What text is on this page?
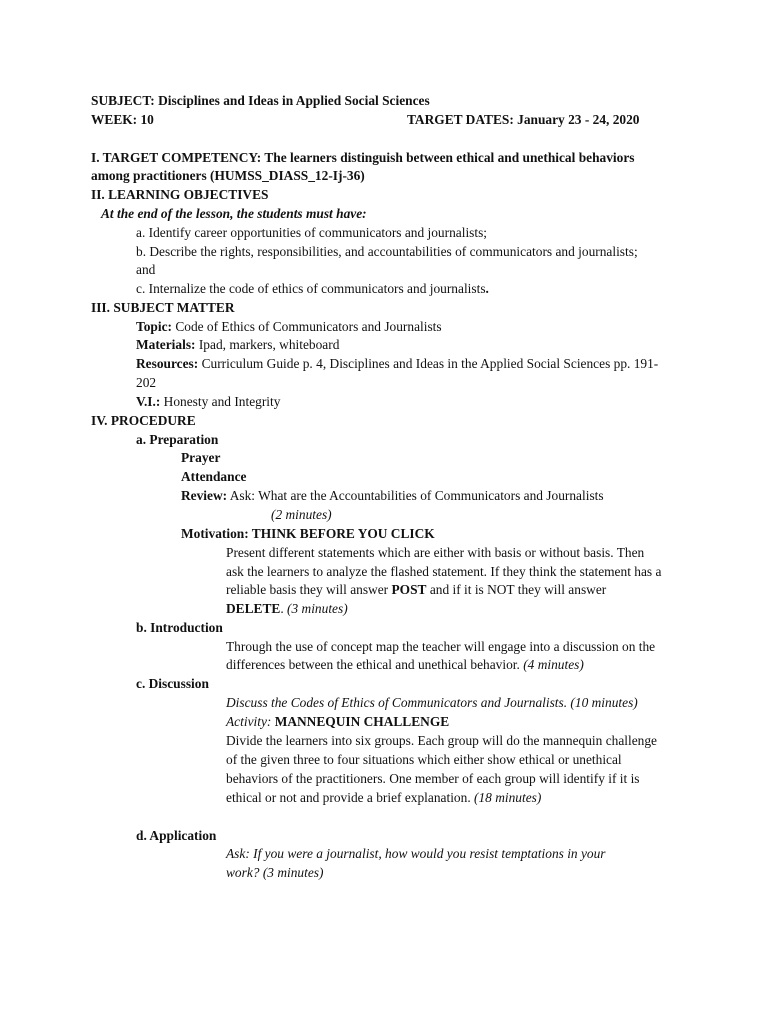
SUBJECT: Disciplines and Ideas in Applied Social Sciences
WEEK: 10	TARGET DATES: January 23 - 24, 2020
I. TARGET COMPETENCY: The learners distinguish between ethical and unethical behaviors
among practitioners (HUMSS_DIASS_12-Ij-36)
II. LEARNING OBJECTIVES
At the end of the lesson, the students must have:
a. Identify career opportunities of communicators and journalists;
b. Describe the rights, responsibilities, and accountabilities of communicators and journalists;
and
c. Internalize the code of ethics of communicators and journalists.
III. SUBJECT MATTER
Topic: Code of Ethics of Communicators and Journalists
Materials: Ipad, markers, whiteboard
Resources: Curriculum Guide p. 4, Disciplines and Ideas in the Applied Social Sciences pp. 191-
202
V.I.: Honesty and Integrity
IV. PROCEDURE
a. Preparation
Prayer
Attendance
Review: Ask: What are the Accountabilities of Communicators and Journalists
(2 minutes)
Motivation: THINK BEFORE YOU CLICK
Present different statements which are either with basis or without basis. Then
ask the learners to analyze the flashed statement. If they think the statement has a
reliable basis they will answer POST and if it is NOT they will answer
DELETE. (3 minutes)
b. Introduction
Through the use of concept map the teacher will engage into a discussion on the
differences between the ethical and unethical behavior. (4 minutes)
c. Discussion
Discuss the Codes of Ethics of Communicators and Journalists. (10 minutes)
Activity: MANNEQUIN CHALLENGE
Divide the learners into six groups. Each group will do the mannequin challenge
of the given three to four situations which either show ethical or unethical
behaviors of the practitioners. One member of each group will identify if it is
ethical or not and provide a brief explanation. (18 minutes)
d. Application
Ask: If you were a journalist, how would you resist temptations in your
work? (3 minutes)
